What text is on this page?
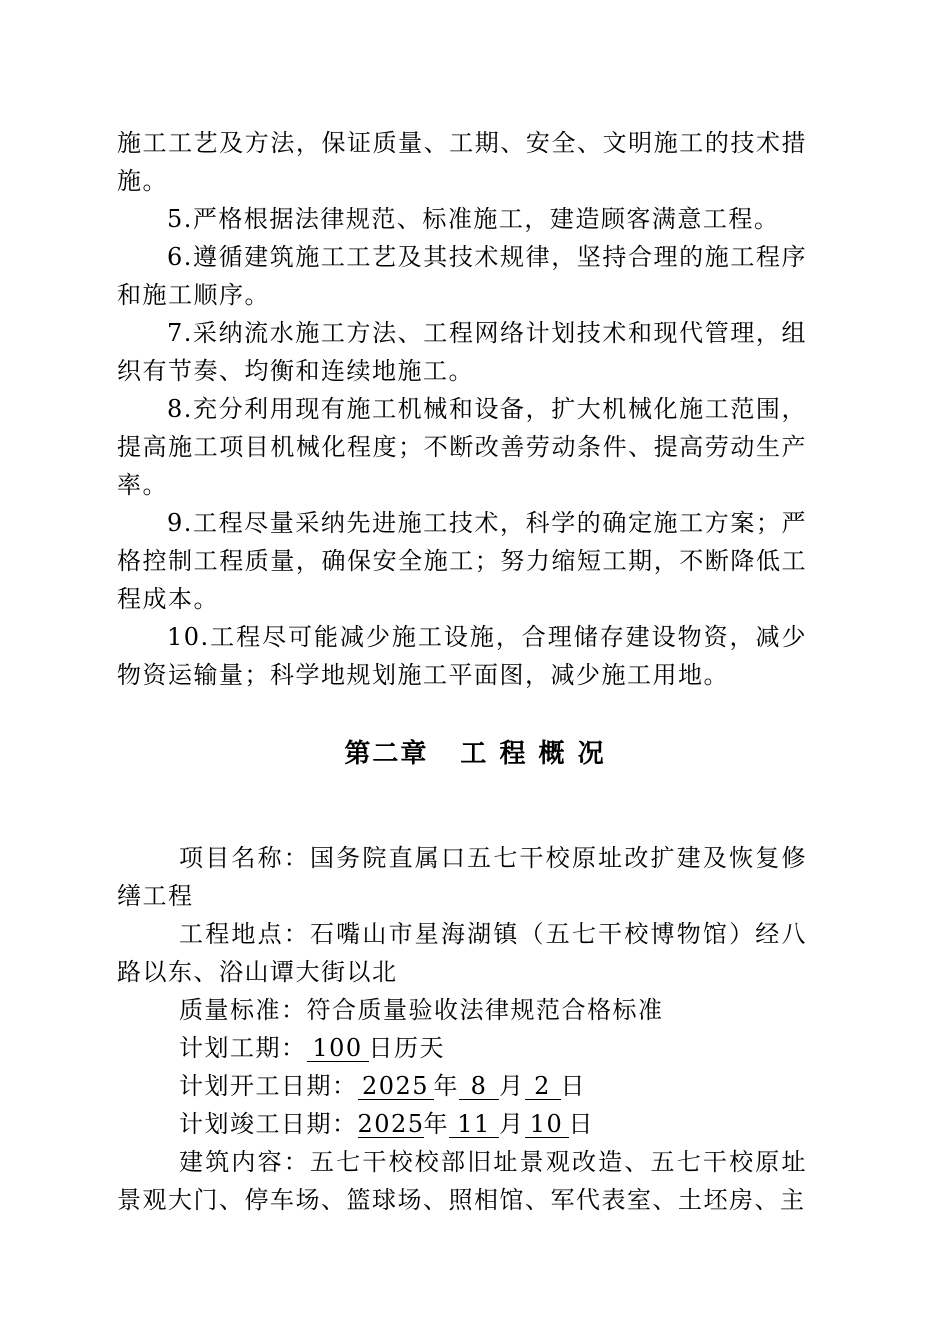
施工工艺及方法，保证质量、工期、安全、文明施工的技术措施。

5.严格根据法律规范、标准施工，建造顾客满意工程。

6.遵循建筑施工工艺及其技术规律，坚持合理的施工程序和施工顺序。

7.采纳流水施工方法、工程网络计划技术和现代管理，组织有节奏、均衡和连续地施工。

8.充分利用现有施工机械和设备，扩大机械化施工范围，提高施工项目机械化程度；不断改善劳动条件、提高劳动生产率。

9.工程尽量采纳先进施工技术，科学的确定施工方案；严格控制工程质量，确保安全施工；努力缩短工期，不断降低工程成本。

10.工程尽可能减少施工设施，合理储存建设物资，减少物资运输量；科学地规划施工平面图，减少施工用地。

第二章 工 程 概 况

项目名称：国务院直属口五七干校原址改扩建及恢复修缮工程

工程地点：石嘴山市星海湖镇（五七干校博物馆）经八路以东、浴山谭大街以北

质量标准：符合质量验收法律规范合格标准

计划工期： 100 日历天

计划开工日期： 2025 年 8 月 2 日

计划竣工日期：2025年 11 月 10 日

建筑内容：五七干校校部旧址景观改造、五七干校原址景观大门、停车场、篮球场、照相馆、军代表室、土坯房、主
